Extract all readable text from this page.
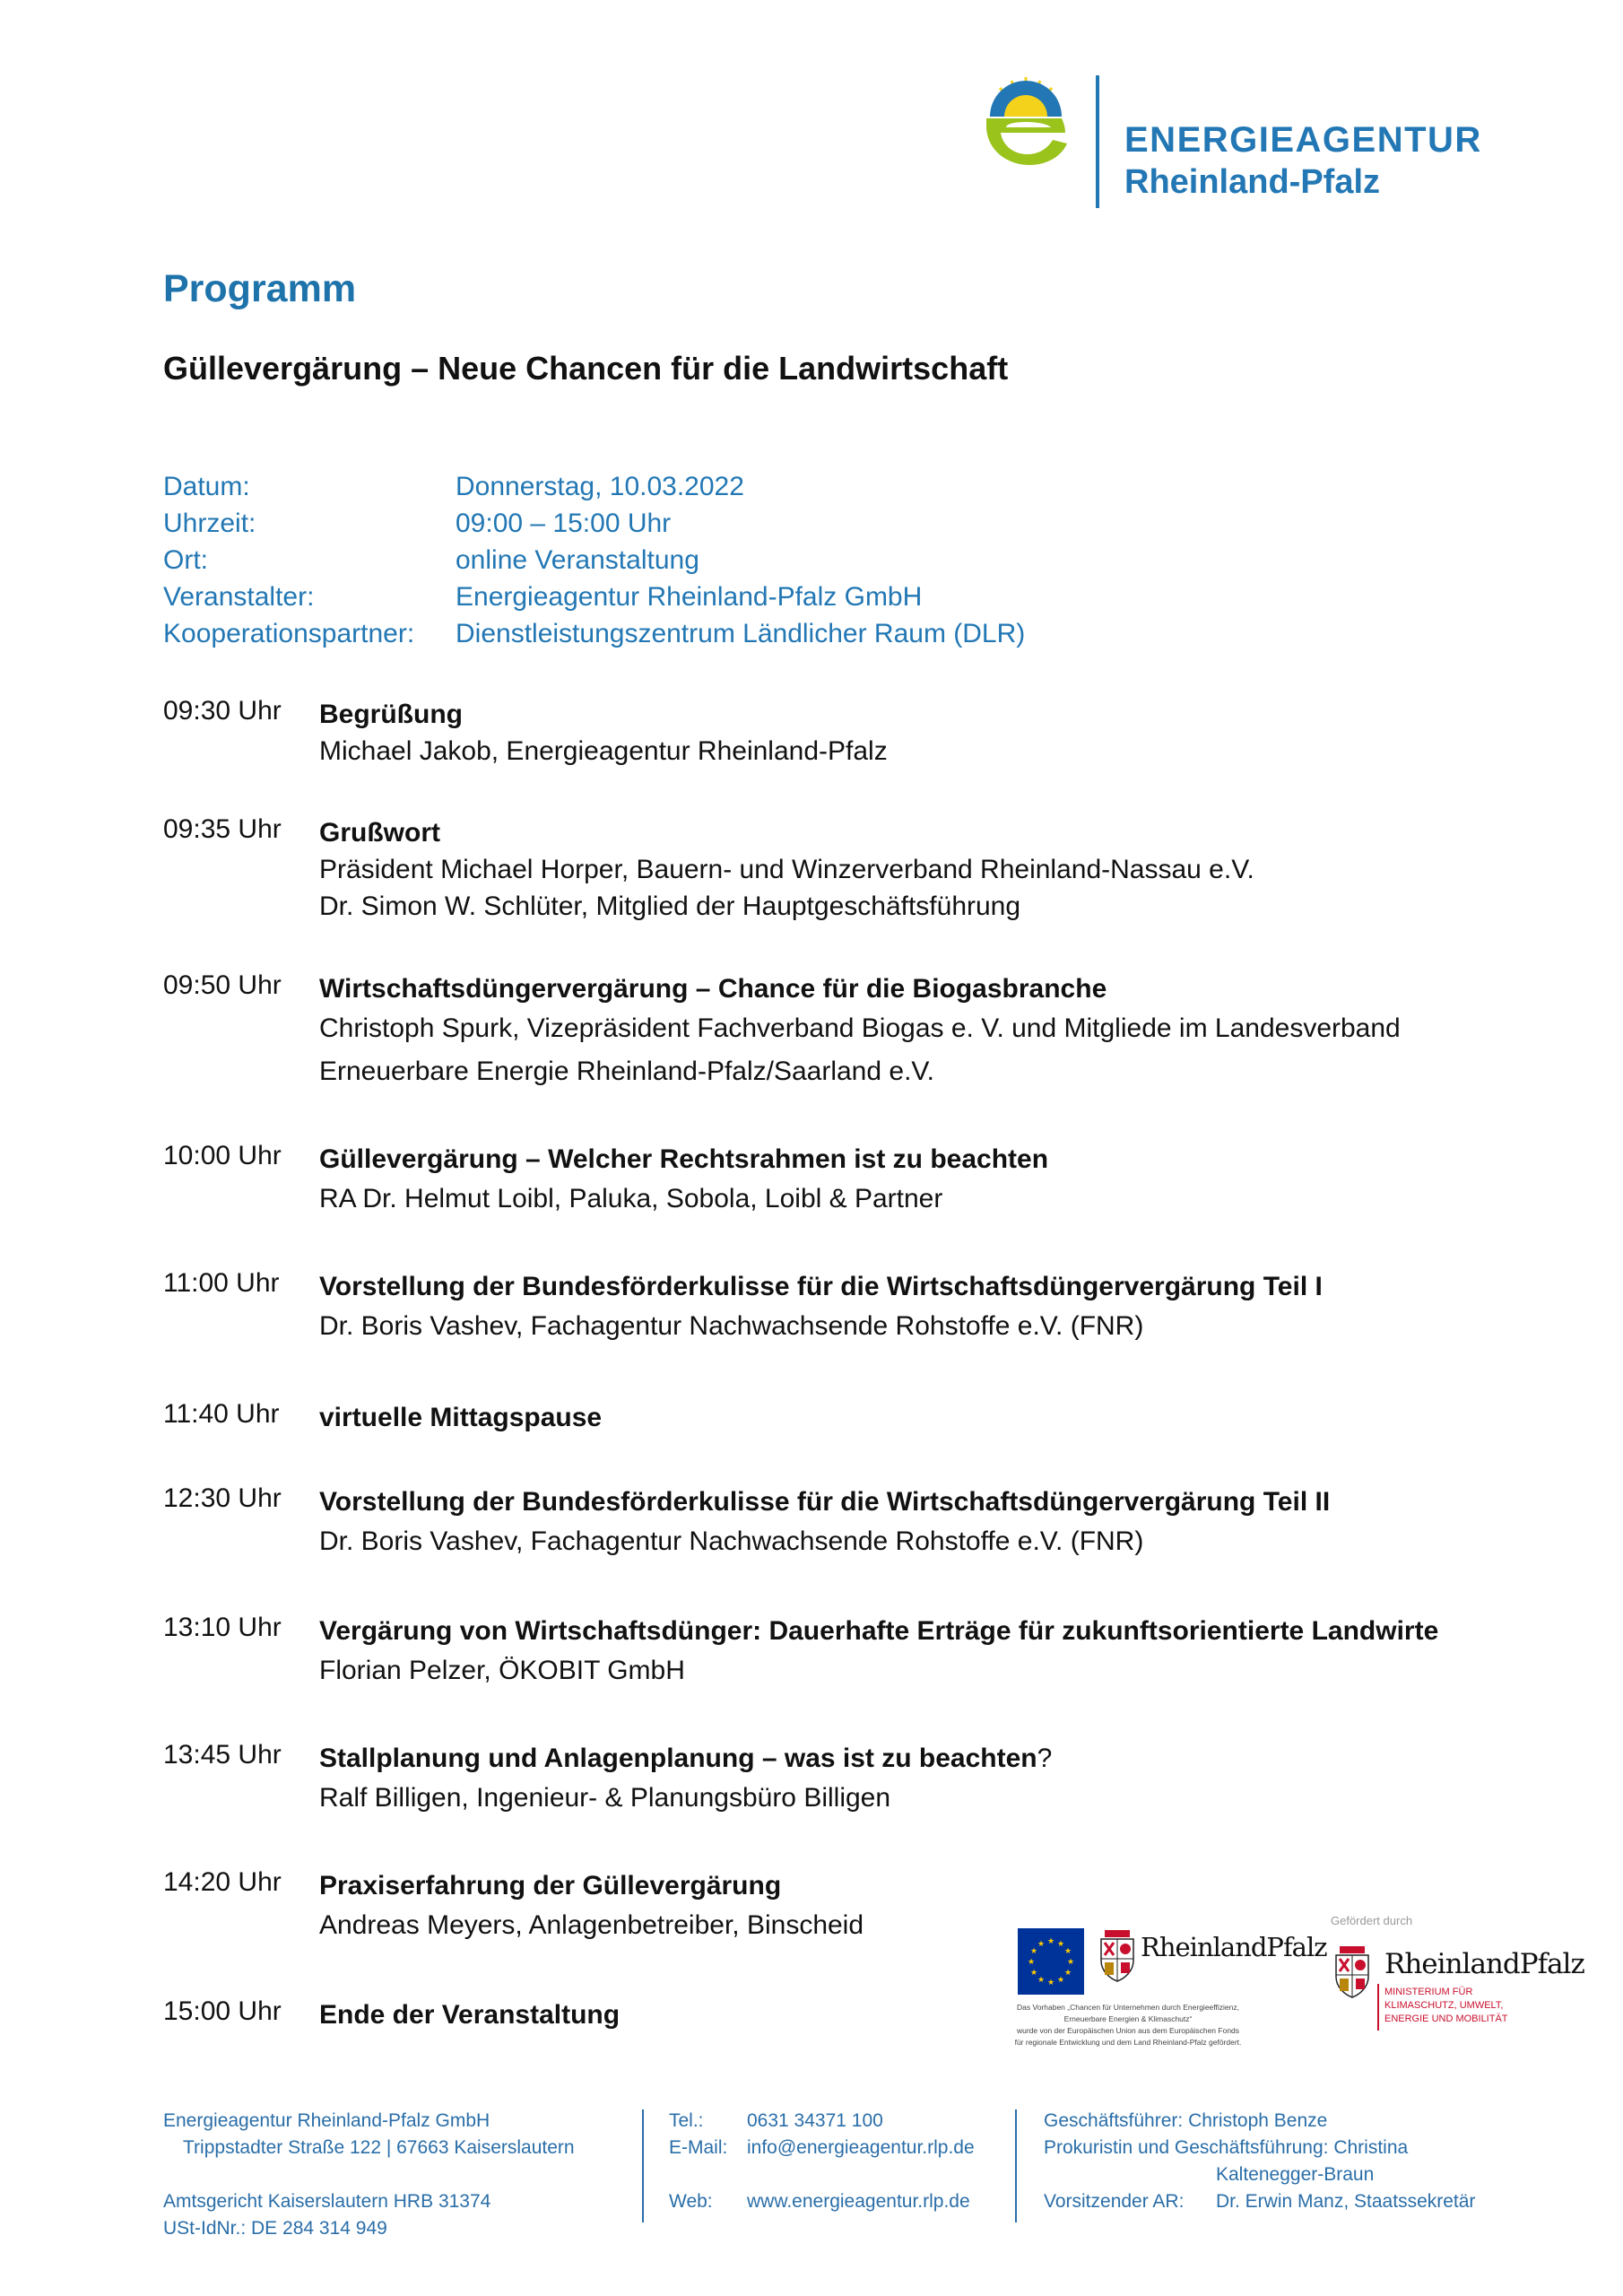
ENERGIEAGENTUR
Rheinland-Pfalz
Programm
Güllevergärung – Neue Chancen für die Landwirtschaft
Datum:	Donnerstag, 10.03.2022
Uhrzeit:	09:00 – 15:00 Uhr
Ort:	online Veranstaltung
Veranstalter:	Energieagentur Rheinland-Pfalz GmbH
Kooperationspartner:	Dienstleistungszentrum Ländlicher Raum (DLR)
09:30 Uhr	Begrüßung
Michael Jakob, Energieagentur Rheinland-Pfalz
09:35 Uhr	Grußwort
Präsident Michael Horper, Bauern- und Winzerverband Rheinland-Nassau e.V.
Dr. Simon W. Schlüter, Mitglied der Hauptgeschäftsführung
09:50 Uhr	Wirtschaftsdüngervergärung – Chance für die Biogasbranche
Christoph Spurk, Vizepräsident Fachverband Biogas e. V. und Mitgliede im Landesverband
Erneuerbare Energie Rheinland-Pfalz/Saarland e.V.
10:00 Uhr	Güllevergärung – Welcher Rechtsrahmen ist zu beachten
RA Dr. Helmut Loibl, Paluka, Sobola, Loibl & Partner
11:00 Uhr	Vorstellung der Bundesförderkulisse für die Wirtschaftsdüngervergärung Teil I
Dr. Boris Vashev, Fachagentur Nachwachsende Rohstoffe e.V. (FNR)
11:40 Uhr	virtuelle Mittagspause
12:30 Uhr	Vorstellung der Bundesförderkulisse für die Wirtschaftsdüngervergärung Teil II
Dr. Boris Vashev, Fachagentur Nachwachsende Rohstoffe e.V. (FNR)
13:10 Uhr	Vergärung von Wirtschaftsdünger: Dauerhafte Erträge für zukunftsorientierte Landwirte
Florian Pelzer, ÖKOBIT GmbH
13:45 Uhr	Stallplanung und Anlagenplanung – was ist zu beachten?
Ralf Billigen, Ingenieur- & Planungsbüro Billigen
14:20 Uhr	Praxiserfahrung der Güllevergärung
Andreas Meyers, Anlagenbetreiber, Binscheid
15:00 Uhr	Ende der Veranstaltung
★ ★
★
★
★
★
★
★
★
★
★
★	RheinlandPfalz
Das Vorhaben „Chancen für Unternehmen durch Energieeffizienz,
Erneuerbare Energien & Klimaschutz“
wurde von der Europäischen Union aus dem Europäischen Fonds
für regionale Entwicklung und dem Land Rheinland-Pfalz gefördert.
Gefördert durch
RheinlandPfalz
MINISTERIUM FÜR
KLIMASCHUTZ, UMWELT,
ENERGIE UND MOBILITÄT
Energieagentur Rheinland-Pfalz GmbH
Trippstadter Straße 122 | 67663 Kaiserslautern
Amtsgericht Kaiserslautern HRB 31374
USt-IdNr.: DE 284 314 949
Tel.: 0631 34371 100
E-Mail: info@energieagentur.rlp.de
Web: www.energieagentur.rlp.de
Geschäftsführer: Christoph Benze
Prokuristin und Geschäftsführung: Christina
Kaltenegger-Braun
Vorsitzender AR: Dr. Erwin Manz, Staatssekretär
